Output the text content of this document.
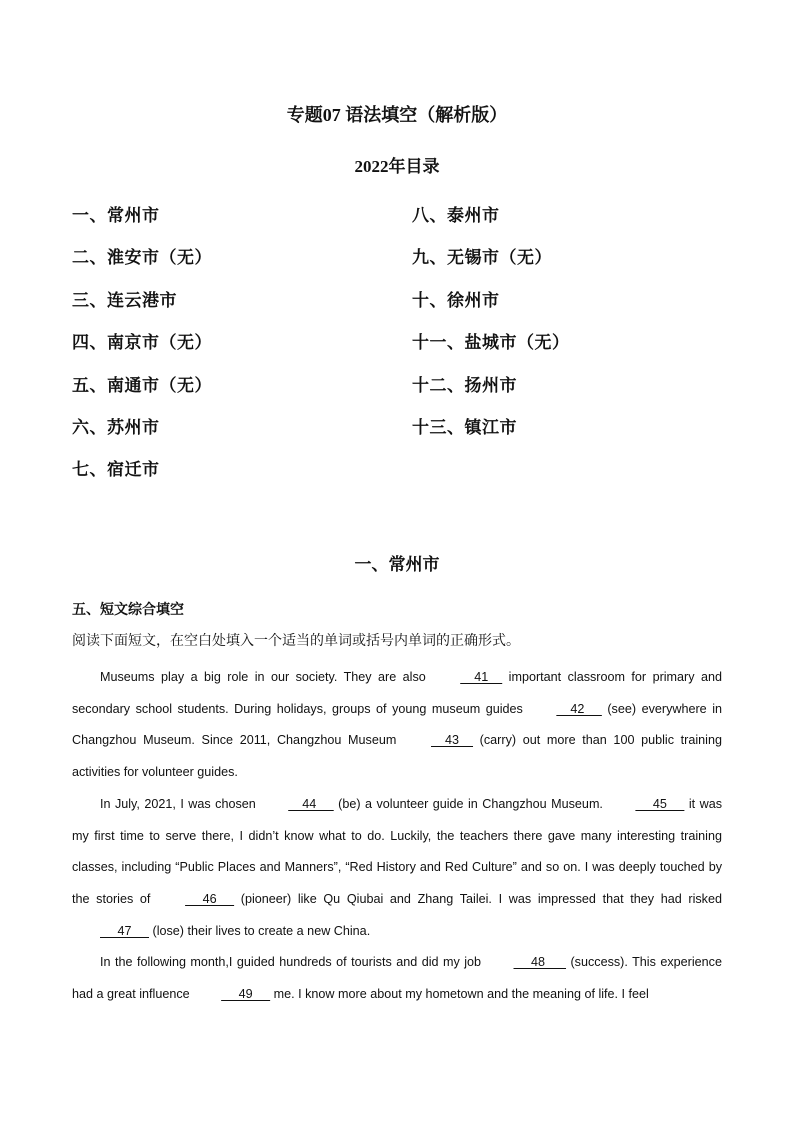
专题07 语法填空（解析版）
2022年目录
一、常州市	八、泰州市
二、淮安市（无）	九、无锡市（无）
三、连云港市	十、徐州市
四、南京市（无）	十一、盐城市（无）
五、南通市（无）	十二、扬州市
六、苏州市	十三、镇江市
七、宿迁市
一、常州市
五、短文综合填空
阅读下面短文，在空白处填入一个适当的单词或括号内单词的正确形式。

Museums play a big role in our society. They are also     41     important classroom for primary and secondary school students. During holidays, groups of young museum guides     42      (see) everywhere in Changzhou Museum. Since 2011, Changzhou Museum     43     (carry) out more than 100 public training activities for volunteer guides.

In July, 2021, I was chosen     44      (be) a volunteer guide in Changzhou Museum.      45      it was my first time to serve there, I didn’t know what to do. Luckily, the teachers there gave many interesting training classes, including “Public Places and Manners”, “Red History and Red Culture” and so on. I was deeply touched by the stories of      46      (pioneer) like Qu Qiubai and Zhang Tailei. I was impressed that they had risked      47      (lose) their lives to create a new China.

In the following month,I guided hundreds of tourists and did my job      48       (success). This experience had a great influence      49      me. I know more about my hometown and the meaning of life. I feel
